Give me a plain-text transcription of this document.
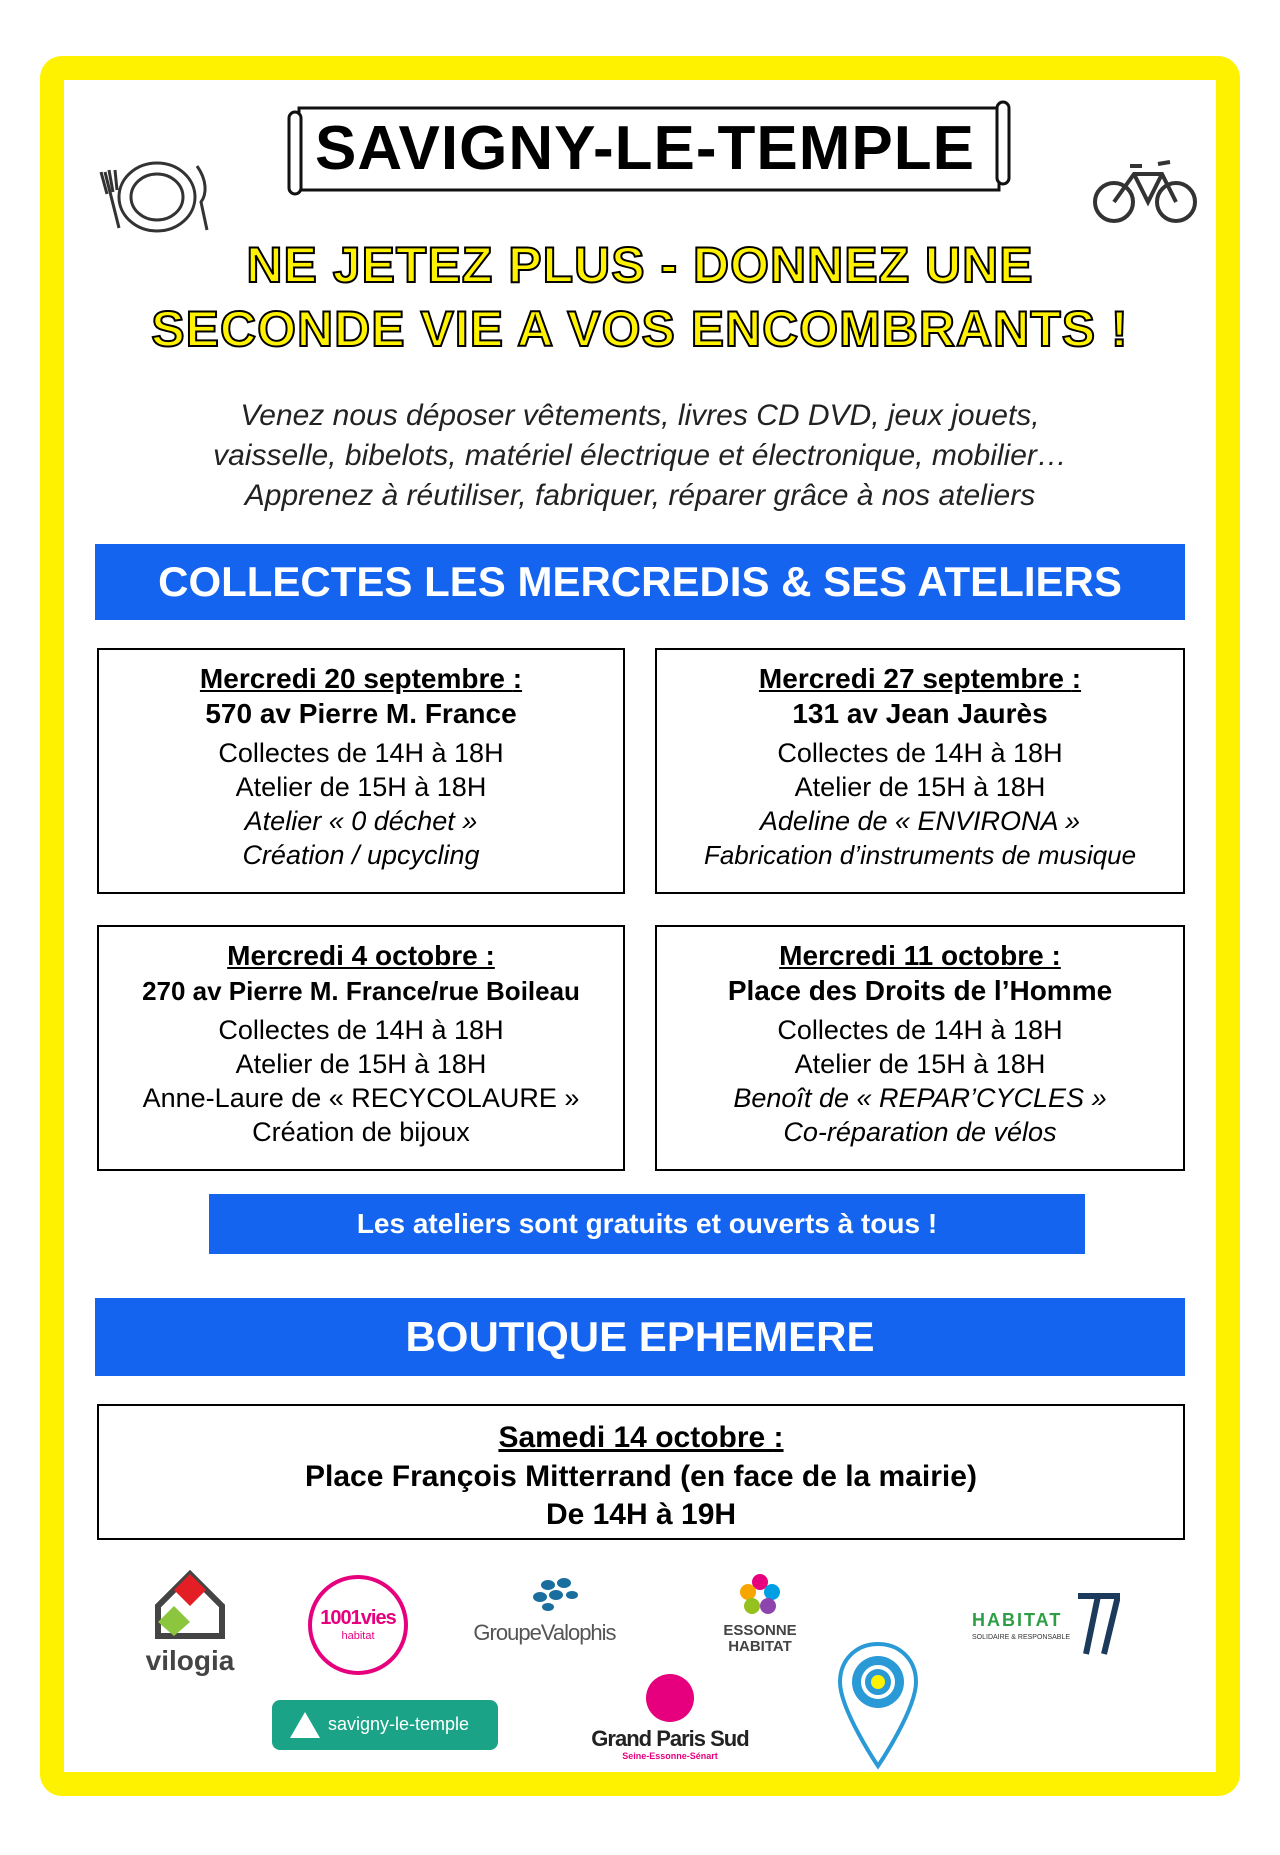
SAVIGNY-LE-TEMPLE
NE JETEZ PLUS - DONNEZ UNE
SECONDE VIE A VOS ENCOMBRANTS !
Venez nous déposer vêtements, livres CD DVD, jeux jouets,
vaisselle, bibelots, matériel électrique et électronique, mobilier…
Apprenez à réutiliser, fabriquer, réparer grâce à nos ateliers
COLLECTES LES MERCREDIS & SES ATELIERS
Mercredi 20 septembre :
570 av Pierre M. France
Collectes de 14H à 18H
Atelier de 15H à 18H
Atelier « 0 déchet »
Création / upcycling
Mercredi 27 septembre :
131 av Jean Jaurès
Collectes de 14H à 18H
Atelier de 15H à 18H
Adeline de « ENVIRONA »
Fabrication d’instruments de musique
Mercredi 4 octobre :
270 av Pierre M. France/rue Boileau
Collectes de 14H à 18H
Atelier de 15H à 18H
Anne-Laure de « RECYCOLAURE »
Création de bijoux
Mercredi 11 octobre :
Place des Droits de l’Homme
Collectes de 14H à 18H
Atelier de 15H à 18H
Benoît de « REPAR’CYCLES »
Co-réparation de vélos
Les ateliers sont gratuits et ouverts à tous !
BOUTIQUE EPHEMERE
Samedi 14 octobre :
Place François Mitterrand (en face de la mairie)
De 14H à 19H
vilogia
1001vies
habitat	GroupeValophis	ESSONNE
HABITAT
HABITAT
SOLIDAIRE & RESPONSABLE
savigny-le-temple
Grand Paris Sud
Seine-Essonne-Sénart
